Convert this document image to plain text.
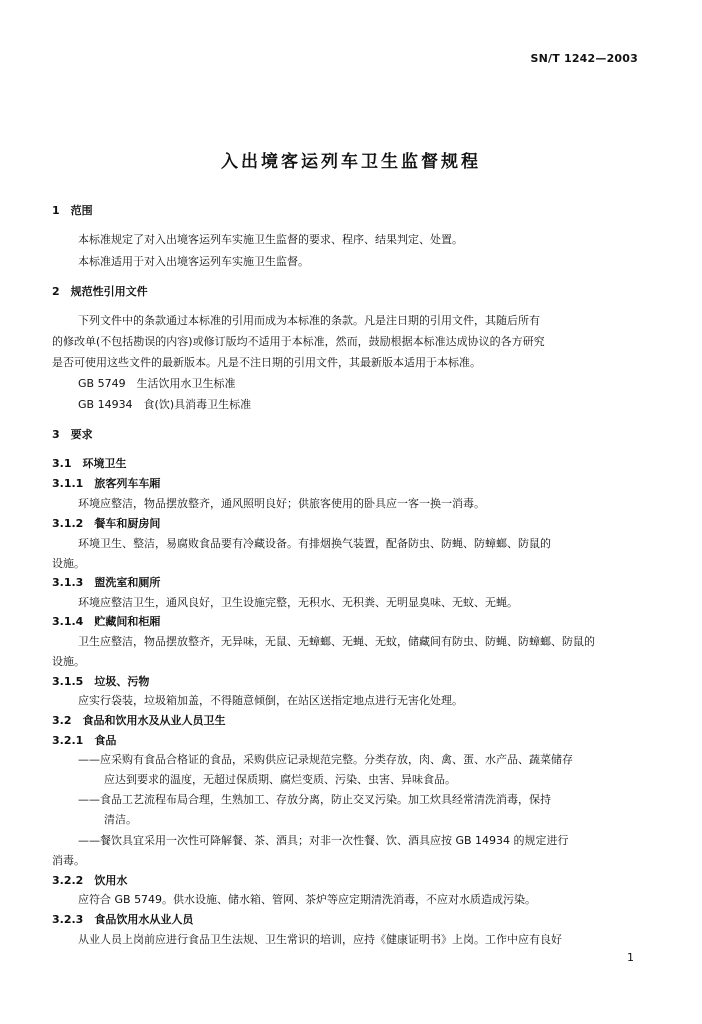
SN/T 1242—2003
入出境客运列车卫生监督规程
1　范围
本标准规定了对入出境客运列车实施卫生监督的要求、程序、结果判定、处置。
本标准适用于对入出境客运列车实施卫生监督。
2　规范性引用文件
下列文件中的条款通过本标准的引用而成为本标准的条款。凡是注日期的引用文件，其随后所有
的修改单(不包括勘误的内容)或修订版均不适用于本标准，然而，鼓励根据本标准达成协议的各方研究
是否可使用这些文件的最新版本。凡是不注日期的引用文件，其最新版本适用于本标准。
GB 5749　生活饮用水卫生标准
GB 14934　食(饮)具消毒卫生标准
3　要求
3.1　环境卫生
3.1.1　旅客列车车厢
环境应整洁，物品摆放整齐，通风照明良好；供旅客使用的卧具应一客一换一消毒。
3.1.2　餐车和厨房间
环境卫生、整洁，易腐败食品要有冷藏设备。有排烟换气装置，配备防虫、防蝇、防蟑螂、防鼠的
设施。
3.1.3　盥洗室和厕所
环境应整洁卫生，通风良好，卫生设施完整，无积水、无积粪、无明显臭味、无蚊、无蝇。
3.1.4　贮藏间和柜厢
卫生应整洁，物品摆放整齐，无异味，无鼠、无蟑螂、无蝇、无蚊，储藏间有防虫、防蝇、防蟑螂、防鼠的
设施。
3.1.5　垃圾、污物
应实行袋装，垃圾箱加盖，不得随意倾倒，在站区送指定地点进行无害化处理。
3.2　食品和饮用水及从业人员卫生
3.2.1　食品
——应采购有食品合格证的食品，采购供应记录规范完整。分类存放，肉、禽、蛋、水产品、蔬菜储存
应达到要求的温度，无超过保质期、腐烂变质、污染、虫害、异味食品。
——食品工艺流程布局合理，生熟加工、存放分离，防止交叉污染。加工炊具经常清洗消毒，保持
清洁。
——餐饮具宜采用一次性可降解餐、茶、酒具；对非一次性餐、饮、酒具应按 GB 14934 的规定进行
消毒。
3.2.2　饮用水
应符合 GB 5749。供水设施、储水箱、管网、茶炉等应定期清洗消毒，不应对水质造成污染。
3.2.3　食品饮用水从业人员
从业人员上岗前应进行食品卫生法规、卫生常识的培训，应持《健康证明书》上岗。工作中应有良好
1
